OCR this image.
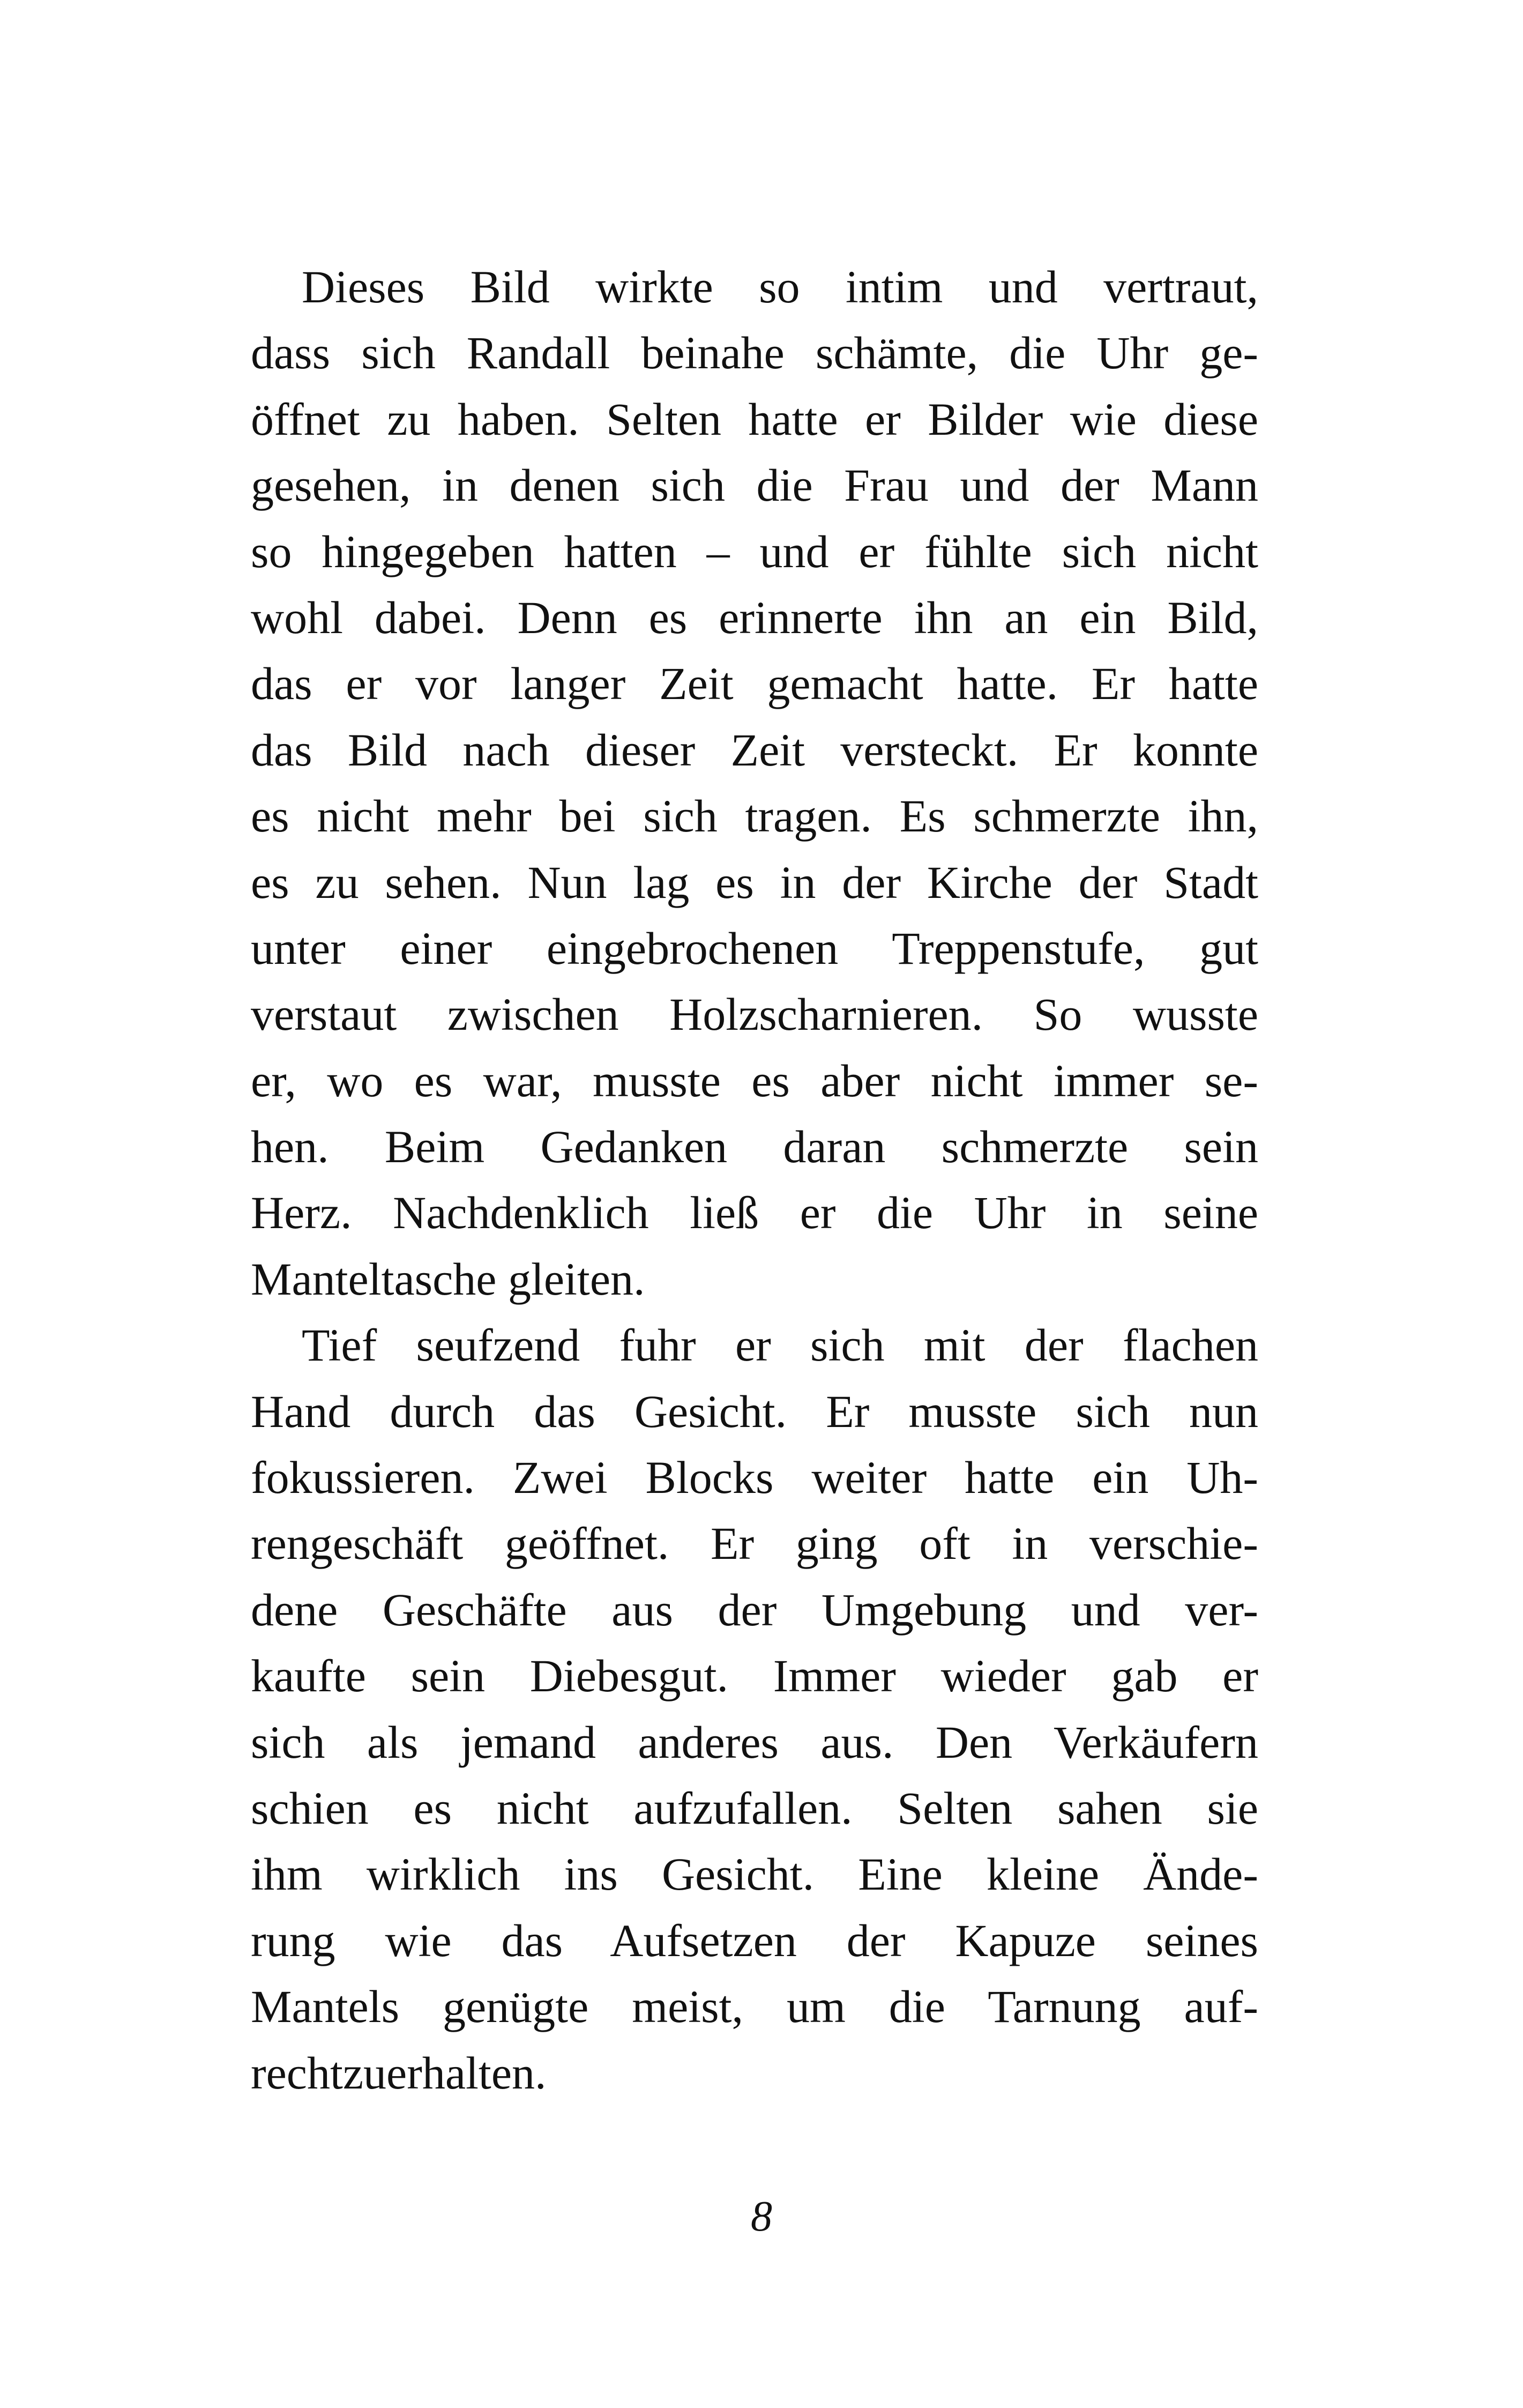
Dieses Bild wirkte so intim und vertraut,
dass sich Randall beinahe schämte, die Uhr ge-
öffnet zu haben. Selten hatte er Bilder wie diese
gesehen, in denen sich die Frau und der Mann
so hingegeben hatten – und er fühlte sich nicht
wohl dabei. Denn es erinnerte ihn an ein Bild,
das er vor langer Zeit gemacht hatte. Er hatte
das Bild nach dieser Zeit versteckt. Er konnte
es nicht mehr bei sich tragen. Es schmerzte ihn,
es zu sehen. Nun lag es in der Kirche der Stadt
unter einer eingebrochenen Treppenstufe, gut
verstaut zwischen Holzscharnieren. So wusste
er, wo es war, musste es aber nicht immer se-
hen. Beim Gedanken daran schmerzte sein
Herz. Nachdenklich ließ er die Uhr in seine
Manteltasche gleiten.
Tief seufzend fuhr er sich mit der flachen
Hand durch das Gesicht. Er musste sich nun
fokussieren. Zwei Blocks weiter hatte ein Uh-
rengeschäft geöffnet. Er ging oft in verschie-
dene Geschäfte aus der Umgebung und ver-
kaufte sein Diebesgut. Immer wieder gab er
sich als jemand anderes aus. Den Verkäufern
schien es nicht aufzufallen. Selten sahen sie
ihm wirklich ins Gesicht. Eine kleine Ände-
rung wie das Aufsetzen der Kapuze seines
Mantels genügte meist, um die Tarnung auf-
rechtzuerhalten.
8
